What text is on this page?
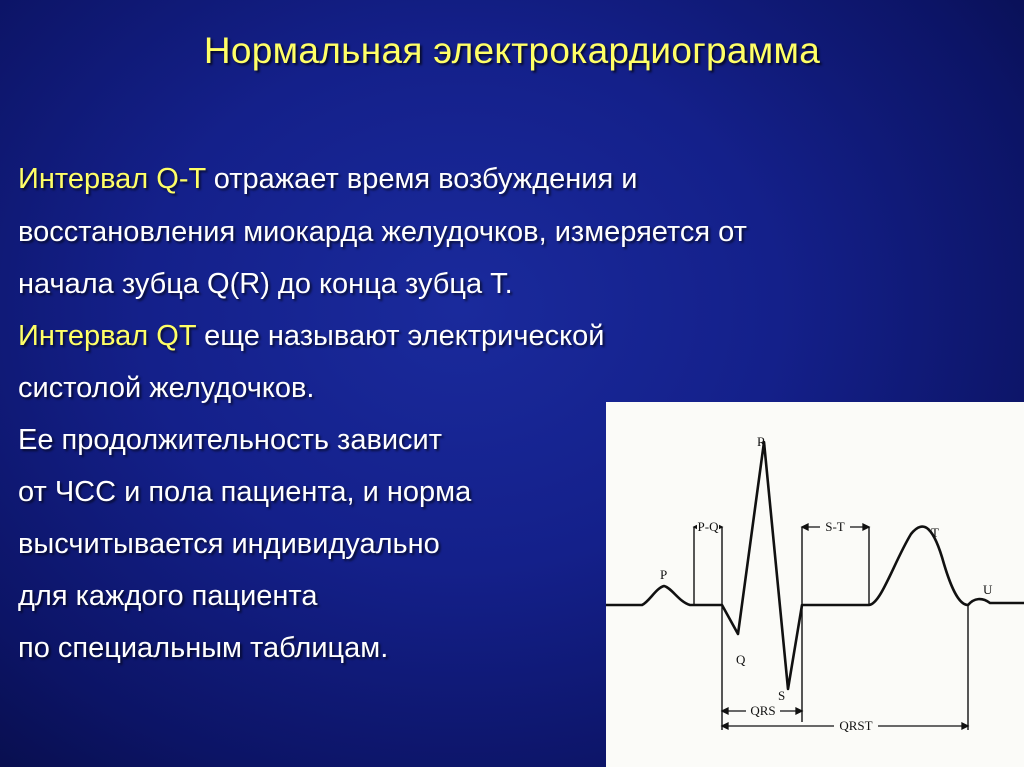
Нормальная электрокардиограмма
Интервал Q-T отражает время возбуждения и
восстановления миокарда желудочков, измеряется от
начала зубца Q(R) до конца зубца T.
Интервал QT еще называют электрической
систолой желудочков.
Ее продолжительность зависит
от ЧСС и пола пациента, и норма
высчитывается индивидуально
для каждого пациента
по специальным таблицам.
P-Q	S-T
QRS
QRST
P
Q
R
S
T
U
